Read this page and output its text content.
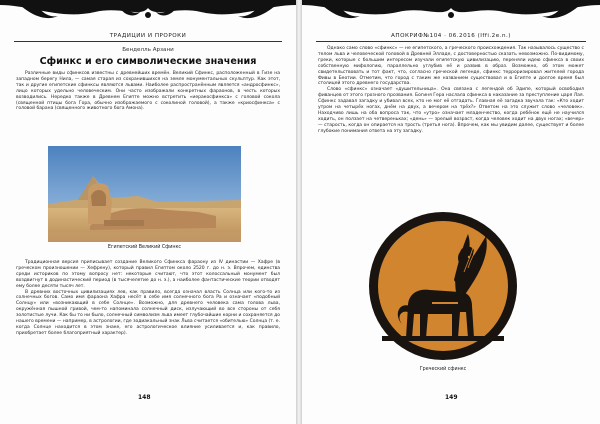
ТРАДИЦИИ И ПРОРОКИ
Бенделль Арзани
Сфинкс и его символические значения

Различные виды сфинксов известны с древнейших времён. Великий Сфинкс, расположенный в Гизе на западном берегу Нила, — самая старая из сохранившихся на земле монументальных скульптур. Как этот, так и другие египетские сфинксы являются львами. Наиболее распространённым является «андросфинкс», лицо которых удельно человеческим. Они часто изображали конкретных фараонов, в честь которых возводились. Нередко также в Древнем Египте можно встретить «иеракосфинкса» с головой сокола (священной птицы бога Гора, обычно изображаемого с соколиной головой), а также «криосфинкса» с головой барана (священного животного бога Амона).

Египетский Великий Сфинкс

Традиционная версия приписывает создание Великого Сфинкса фараону из IV династии — Хафре (в греческом произношении — Хефрену), который правил Египтом около 2520 г. до н. э. Впрочем, единства среди историков по этому вопросу нет: некоторые считают, что этот колоссальный монумент был воздвигнут в додинастический период (в тысячелетие до н. э.), а наиболее фантастические теории отводят ему более десяти тысяч лет.

В древних восточных цивилизациях лев, как правило, всегда означал власть Солнца или кого-то из солнечных богов. Само имя фараона Хафра несёт в себе имя солнечного бога Ра и означает «подобный Солнцу» или «возникающий в себе Солнце». Возможно, для древнего человека сама голова льва, окружённая пышной гривой, чем-то напоминала солнечный диск, излучающий во все стороны от себя золотистые лучи. Как бы то ни было, солнечный символизм льва имеет глубочайшие корни и сохраняется до нашего времени — например, в астрологии, где зодиакальный знак Льва считается «обителью» Солнца (т. е. когда Солнце находится в этом знаке, его астрологическое влияние усиливается и, как правило, приобретает более благоприятный характер).

148
АПОКРИФ№104 · 06.2016 (Iffi.2e.n.)

Однако само слово «сфинкс» — не египетского, а греческого происхождения. Так называлось существо с телом льва и человеческой головой в Древней Элладе, с достоверностью сказать невозможно. По-видимому, греки, которые с большим интересом изучали египетскую цивилизацию, переняли идею сфинкса в своих собственную мифологию, параллельно углубив её и развив в образ. Возможно, об этом может свидетельствовать и тот факт, что, согласно греческой легенде, сфинкс терроризировал жителей города Фивы в Беотии. Отметим, что город с таким же названием существовал и в Египте и долгое время был столицей этого древнего государства.

Слово «сфинкс» означает «душительница». Она связана с легендой об Эдипе, который освободил фиванцев от этого грозного прозвания. Богиня Гера наслала сфинкса в наказание за преступление царя Лая. Сфинкс задавал загадку и убивал всех, кто не мог её отгадать. Главная её загадка звучала так: «Кто ходит утром на четырёх ногах, днём на двух, а вечером на трёх?» Ответом на это служит слово «человек». Находчиво лишь на оба вопроса так, что «утро» означает младенчество, когда ребёнок ещё не научился ходить, он ползает на четвереньках; «день» — зрелый возраст, когда человек ходит на двух ногах; «вечер» — старость, когда он опирается на трость (третья нога). Впрочем, как мы увидим далее, существует и более глубокие понимания ответа на эту загадку.

Греческий сфинкс
149
